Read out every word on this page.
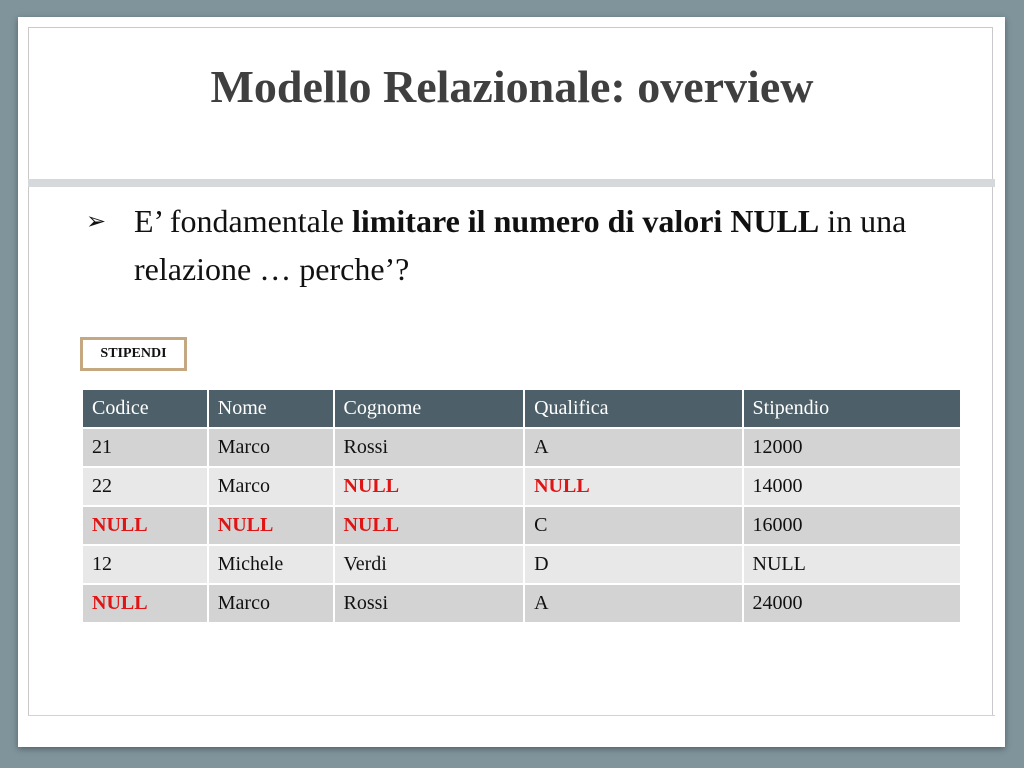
Modello Relazionale: overview
➢ E’ fondamentale limitare il numero di valori NULL in una relazione … perche’?
STIPENDI
Codice	Nome	Cognome	Qualifica	Stipendio
21	Marco	Rossi	A	12000
22	Marco	NULL	NULL	14000
NULL	NULL	NULL	C	16000
12	Michele	Verdi	D	NULL
NULL	Marco	Rossi	A	24000
